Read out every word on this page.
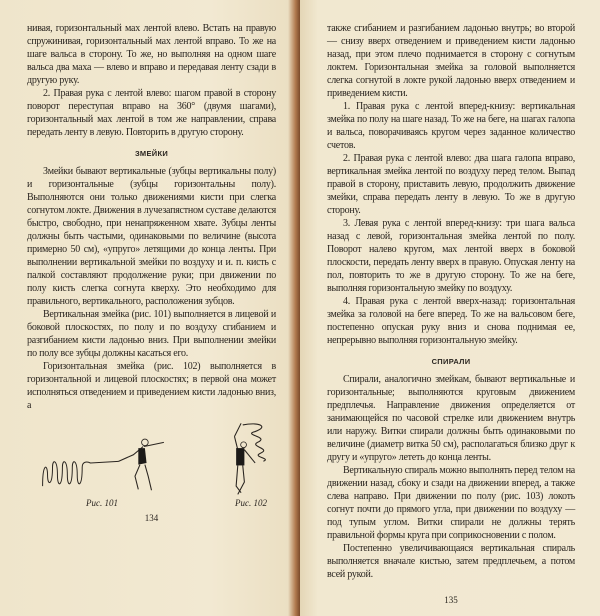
нивая, горизонтальный мах лентой влево. Встать на правую спружинивая, горизонтальный мах лентой вправо. То же на шаге вальса в сторону. То же, но выполняя на одном шаге вальса два маха — влево и вправо и передавая ленту сзади в другую руку.

2. Правая рука с лентой влево: шагом правой в сторону поворот переступая вправо на 360° (двумя шагами), горизонтальный мах лентой в том же направлении, справа передать ленту в левую. Повторить в другую сторону.

ЗМЕЙКИ

Змейки бывают вертикальные (зубцы вертикальны полу) и горизонтальные (зубцы горизонтальны полу). Выполняются они только движениями кисти при слегка согнутом локте. Движения в лучезапястном суставе делаются быстро, свободно, при ненапряженном хвате. Зубцы ленты должны быть частыми, одинаковыми по величине (высота примерно 50 см), «упруго» летящими до конца ленты. При выполнении вертикальной змейки по воздуху и и. п. кисть с палкой составляют продолжение руки; при движении по полу кисть слегка согнута кверху. Это необходимо для правильного, вертикального, расположения зубцов.

Вертикальная змейка (рис. 101) выполняется в лицевой и боковой плоскостях, по полу и по воздуху сгибанием и разгибанием кисти ладонью вниз. При выполнении змейки по полу все зубцы должны касаться его.

Горизонтальная змейка (рис. 102) выполняется в горизонтальной и лицевой плоскостях; в первой она может исполняться отведением и приведением кисти ладонью вниз, а

Рис. 101	Рис. 102
134

также сгибанием и разгибанием ладонью внутрь; во второй — снизу вверх отведением и приведением кисти ладонью назад, при этом плечо поднимается в сторону с согнутым локтем. Горизонтальная змейка за головой выполняется слегка согнутой в локте рукой ладонью вверх отведением и приведением кисти.

1. Правая рука с лентой вперед-книзу: вертикальная змейка по полу на шаге назад. То же на беге, на шагах галопа и вальса, поворачиваясь кругом через заданное количество счетов.

2. Правая рука с лентой влево: два шага галопа вправо, вертикальная змейка лентой по воздуху перед телом. Выпад правой в сторону, приставить левую, продолжить движение змейки, справа передать ленту в левую. То же в другую сторону.

3. Левая рука с лентой вперед-книзу: три шага вальса назад с левой, горизонтальная змейка лентой по полу. Поворот налево кругом, мах лентой вверх в боковой плоскости, передать ленту вверх в правую. Опуская ленту на пол, повторить то же в другую сторону. То же на беге, выполняя горизонтальную змейку по воздуху.

4. Правая рука с лентой вверх-назад: горизонтальная змейка за головой на беге вперед. То же на вальсовом беге, постепенно опуская руку вниз и снова поднимая ее, непрерывно выполняя горизонтальную змейку.

СПИРАЛИ

Спирали, аналогично змейкам, бывают вертикальные и горизонтальные; выполняются круговым движением предплечья. Направление движения определяется от занимающейся по часовой стрелке или движением внутрь или наружу. Витки спирали должны быть одинаковыми по величине (диаметр витка 50 см), располагаться близко друг к другу и «упруго» лететь до конца ленты.

Вертикальную спираль можно выполнять перед телом на движении назад, сбоку и сзади на движении вперед, а также слева направо. При движении по полу (рис. 103) локоть согнут почти до прямого угла, при движении по воздуху — под тупым углом. Витки спирали не должны терять правильной формы круга при соприкосновении с полом.

Постепенно увеличивающаяся вертикальная спираль выполняется вначале кистью, затем предплечьем, а потом всей рукой.

135
